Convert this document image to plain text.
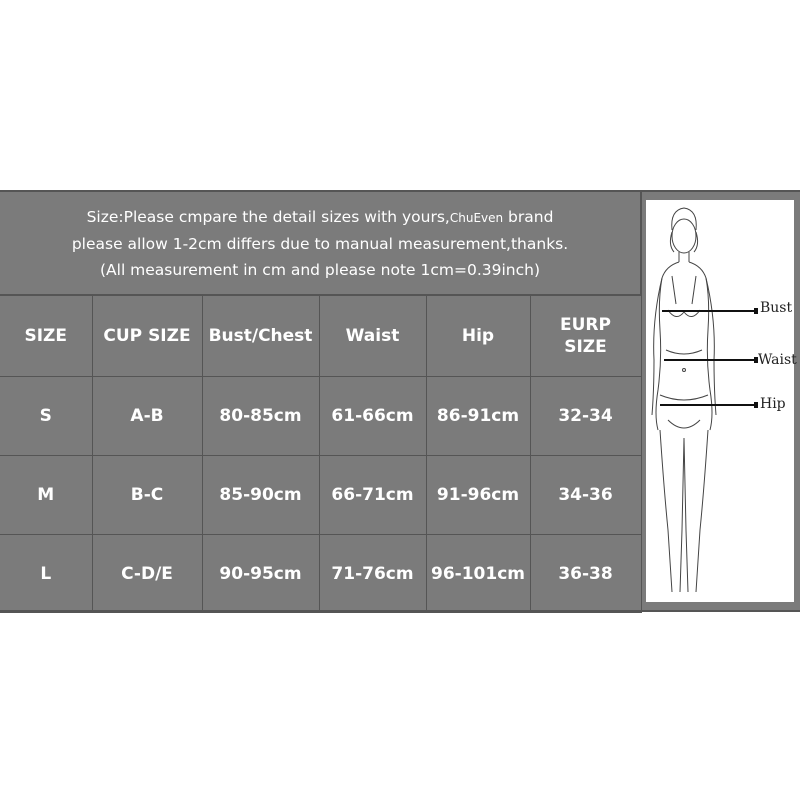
Size:Please cmpare the detail sizes with yours,ChuEven brand
please allow 1-2cm differs due to manual measurement,thanks.
(All measurement in cm and please note 1cm=0.39inch)
SIZE	CUP SIZE	Bust/Chest	Waist	Hip	EURP SIZE
S	A-B	80-85cm	61-66cm	86-91cm	32-34
M	B-C	85-90cm	66-71cm	91-96cm	34-36
L	C-D/E	90-95cm	71-76cm	96-101cm	36-38
Bust
Waist
Hip
